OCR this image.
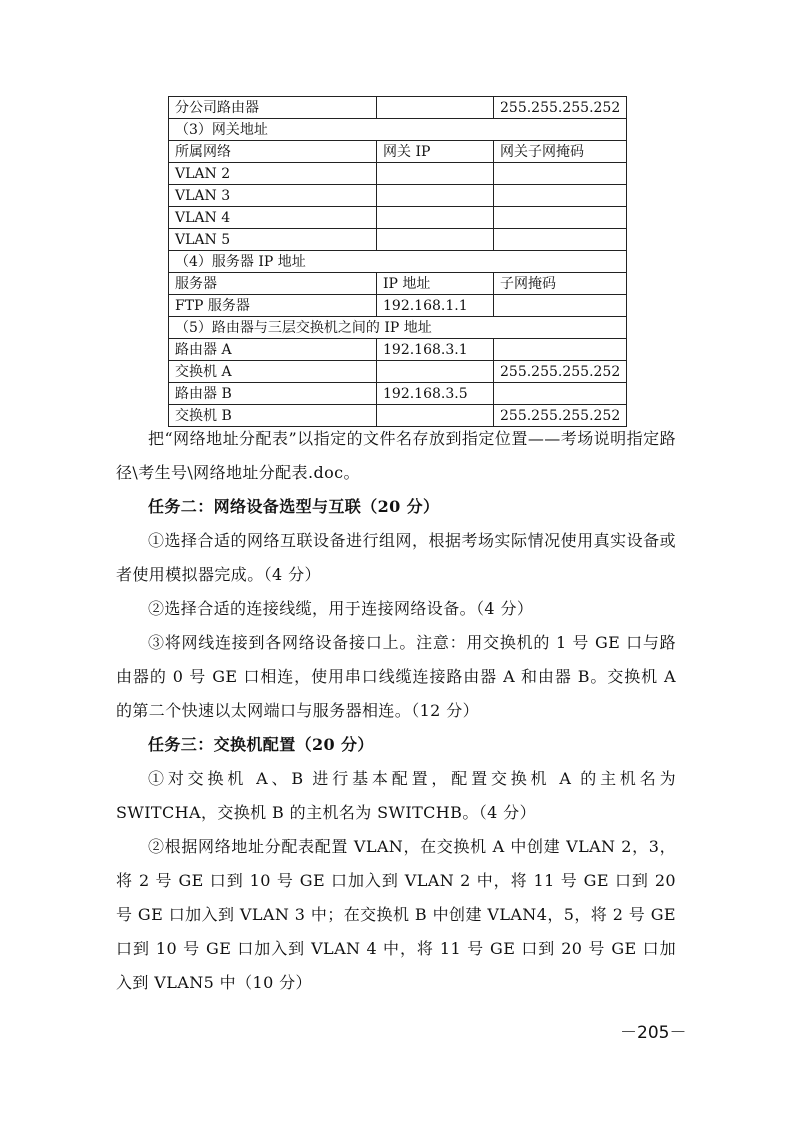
分公司路由器		255.255.255.252
（3）网关地址		
所属网络	网关 IP	网关子网掩码
VLAN 2		
VLAN 3		
VLAN 4		
VLAN 5		
（4）服务器 IP 地址		
服务器	IP 地址	子网掩码
FTP 服务器	192.168.1.1	
（5）路由器与三层交换机之间的 IP 地址		
路由器 A	192.168.3.1	
交换机 A		255.255.255.252
路由器 B	192.168.3.5	
交换机 B		255.255.255.252

把“网络地址分配表”以指定的文件名存放到指定位置——考场说明指定路径\考生号\网络地址分配表.doc。

任务二：网络设备选型与互联（20 分）

①选择合适的网络互联设备进行组网，根据考场实际情况使用真实设备或者使用模拟器完成。（4 分）

②选择合适的连接线缆，用于连接网络设备。（4 分）

③将网线连接到各网络设备接口上。注意：用交换机的 1 号 GE 口与路由器的 0 号 GE 口相连，使用串口线缆连接路由器 A 和由器 B。交换机 A 的第二个快速以太网端口与服务器相连。（12 分）

任务三：交换机配置（20 分）

①对交换机 A、B 进行基本配置，配置交换机 A 的主机名为 SWITCHA，交换机 B 的主机名为 SWITCHB。（4 分）

②根据网络地址分配表配置 VLAN，在交换机 A 中创建 VLAN 2，3，将 2 号 GE 口到 10 号 GE 口加入到 VLAN 2 中，将 11 号 GE 口到 20 号 GE 口加入到 VLAN 3 中；在交换机 B 中创建 VLAN4，5，将 2 号 GE 口到 10 号 GE 口加入到 VLAN 4 中，将 11 号 GE 口到 20 号 GE 口加入到 VLAN5 中（10 分）

－205－
